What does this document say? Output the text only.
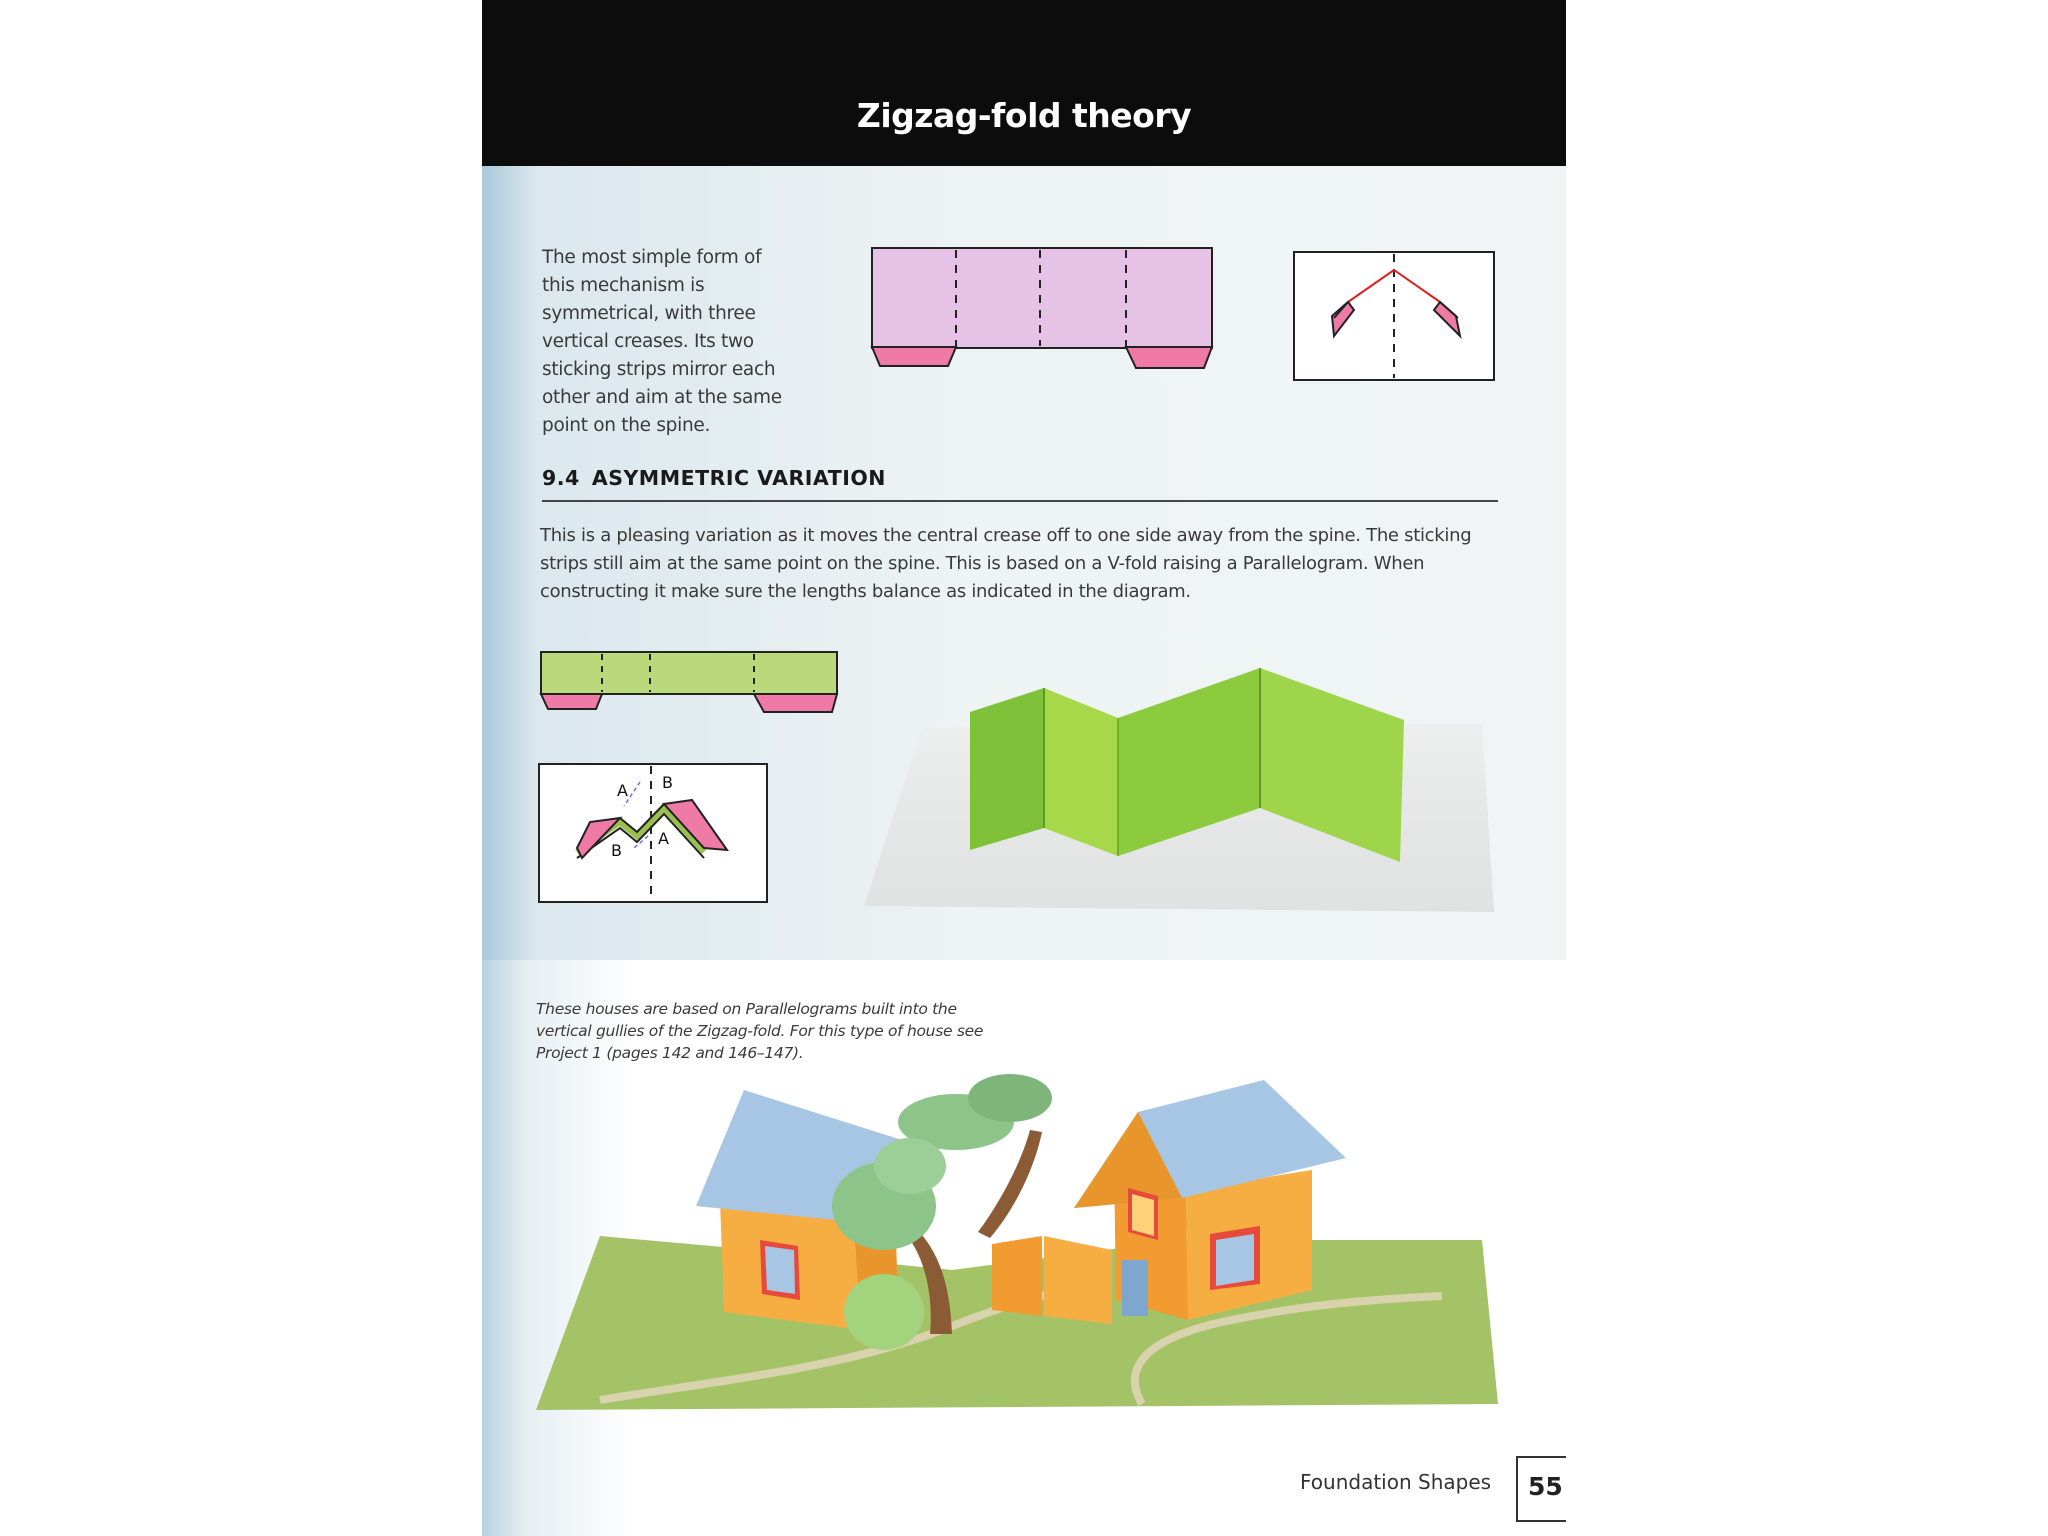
Zigzag-fold theory
The most simple form of this mechanism is symmetrical, with three vertical creases. Its two sticking strips mirror each other and aim at the same point on the spine.
A B
B
A
9.4 ASYMMETRIC VARIATION
This is a pleasing variation as it moves the central crease off to one side away from the spine. The sticking strips still aim at the same point on the spine. This is based on a V-fold raising a Parallelogram. When constructing it make sure the lengths balance as indicated in the diagram.
These houses are based on Parallelograms built into the vertical gullies of the Zigzag-fold. For this type of house see Project 1 (pages 142 and 146–147).
Foundation Shapes 55
